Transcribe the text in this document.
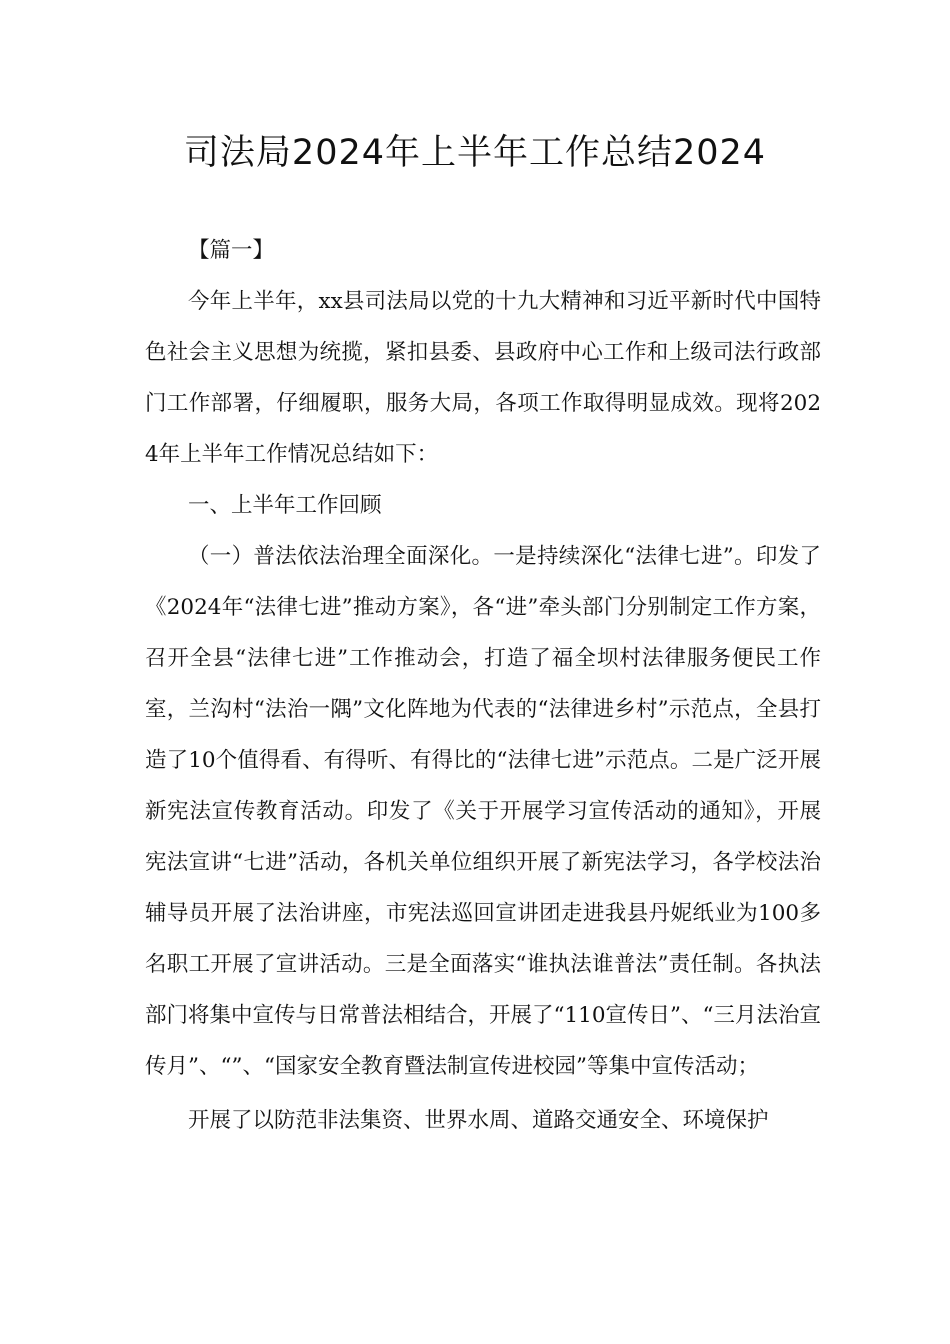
司法局2024年上半年工作总结2024

【篇一】

今年上半年，xx县司法局以党的十九大精神和习近平新时代中国特色社会主义思想为统揽，紧扣县委、县政府中心工作和上级司法行政部门工作部署，仔细履职，服务大局，各项工作取得明显成效。现将2024年上半年工作情况总结如下：

一、上半年工作回顾

（一）普法依法治理全面深化。一是持续深化“法律七进”。印发了《2024年“法律七进”推动方案》，各“进”牵头部门分别制定工作方案，召开全县“法律七进”工作推动会，打造了福全坝村法律服务便民工作室，兰沟村“法治一隅”文化阵地为代表的“法律进乡村”示范点，全县打造了10个值得看、有得听、有得比的“法律七进”示范点。二是广泛开展新宪法宣传教育活动。印发了《关于开展学习宣传活动的通知》，开展宪法宣讲“七进”活动，各机关单位组织开展了新宪法学习，各学校法治辅导员开展了法治讲座，市宪法巡回宣讲团走进我县丹妮纸业为100多名职工开展了宣讲活动。三是全面落实“谁执法谁普法”责任制。各执法部门将集中宣传与日常普法相结合，开展了“110宣传日”、“三月法治宣传月”、“”、“国家安全教育暨法制宣传进校园”等集中宣传活动；

开展了以防范非法集资、世界水周、道路交通安全、环境保护
